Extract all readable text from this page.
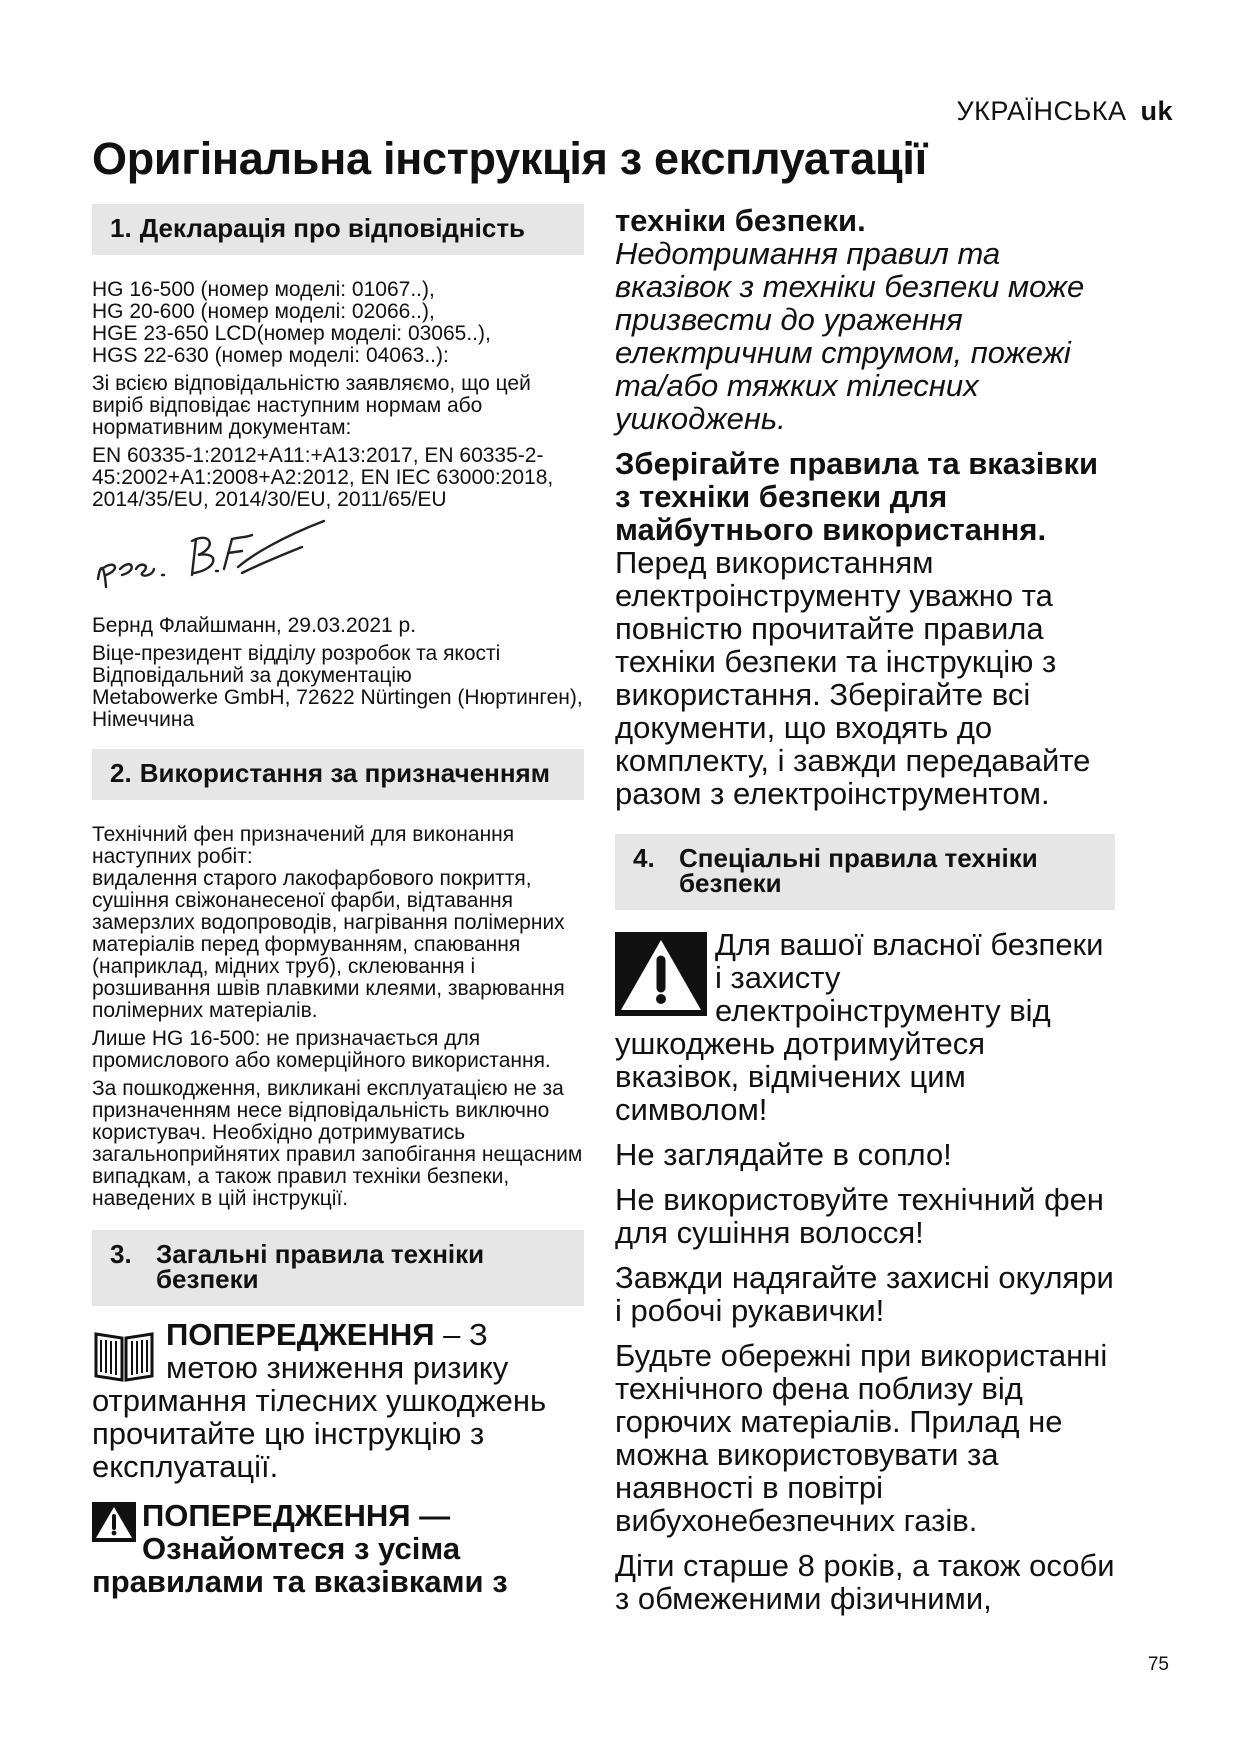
УКРАЇНСЬКА uk
Оригінальна інструкція з експлуатації
1. Декларація про відповідність

HG 16-500 (номер моделі: 01067..),

HG 20-600 (номер моделі: 02066..),

HGE 23-650 LCD(номер моделі: 03065..),

HGS 22-630 (номер моделі: 04063..):

Зі всією відповідальністю заявляємо, що цей виріб відповідає наступним нормам або нормативним документам:

EN 60335-1:2012+A11:+A13:2017, EN 60335-2-45:2002+A1:2008+A2:2012, EN IEC 63000:2018, 2014/35/EU, 2014/30/EU, 2011/65/EU

ppa. B.Fl

Бернд Флайшманн, 29.03.2021 р.

Віце-президент відділу розробок та якості

Відповідальний за документацію

Metabowerke GmbH, 72622 Nürtingen (Нюртинген), Німеччина

2. Використання за призначенням

Технічний фен призначений для виконання наступних робіт:

видалення старого лакофарбового покриття, сушіння свіжонанесеної фарби, відтавання замерзлих водопроводів, нагрівання полімерних матеріалів перед формуванням, спаювання (наприклад, мідних труб), склеювання і розшивання швів плавкими клеями, зварювання полімерних матеріалів.

Лише HG 16-500: не призначається для промислового або комерційного використання.

За пошкодження, викликані експлуатацією не за призначенням несе відповідальність виключно користувач. Необхідно дотримуватись загальноприйнятих правил запобігання нещасним випадкам, а також правил техніки безпеки, наведених в цій інструкції.

3. Загальні правила техніки безпеки
ПОПЕРЕДЖЕННЯ – З метою зниження ризику отримання тілесних ушкоджень прочитайте цю інструкцію з експлуатації.
ПОПЕРЕДЖЕННЯ — Ознайомтеся з усіма правилами та вказівками з

техніки безпеки.

Недотримання правил та вказівок з техніки безпеки може призвести до ураження електричним струмом, пожежі та/або тяжких тілесних ушкоджень.

Зберігайте правила та вказівки з техніки безпеки для майбутнього використання.

Перед використанням електроінструменту уважно та повністю прочитайте правила техніки безпеки та інструкцію з використання. Зберігайте всі документи, що входять до комплекту, і завжди передавайте разом з електроінструментом.

4. Спеціальні правила техніки безпеки
Для вашої власної безпеки і захисту електроінструменту від ушкоджень дотримуйтеся вказівок, відмічених цим символом!

Не заглядайте в сопло!

Не використовуйте технічний фен для сушіння волосся!

Завжди надягайте захисні окуляри і робочі рукавички!

Будьте обережні при використанні технічного фена поблизу від горючих матеріалів. Прилад не можна використовувати за наявності в повітрі вибухонебезпечних газів.

Діти старше 8 років, а також особи з обмеженими фізичними,

75
